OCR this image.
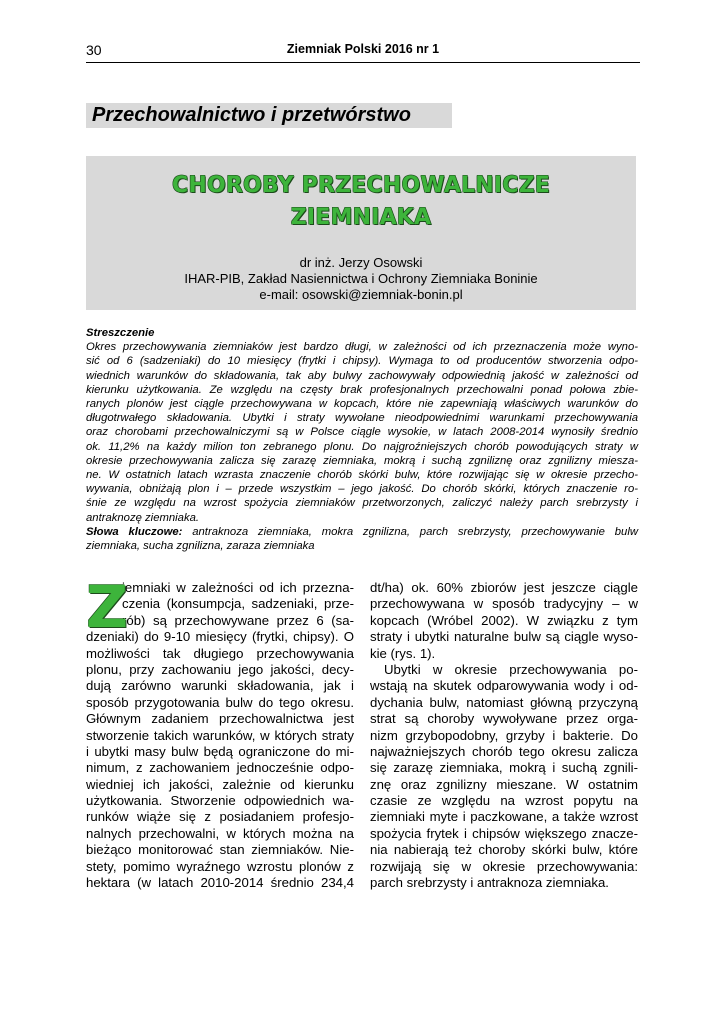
30	Ziemniak Polski 2016 nr 1
Przechowalnictwo i przetwórstwo
CHOROBY PRZECHOWALNICZE
ZIEMNIAKA
dr inż. Jerzy Osowski
IHAR-PIB, Zakład Nasiennictwa i Ochrony Ziemniaka Boninie
e-mail: osowski@ziemniak-bonin.pl
Streszczenie
Okres przechowywania ziemniaków jest bardzo długi, w zależności od ich przeznaczenia może wyno-
sić od 6 (sadzeniaki) do 10 miesięcy (frytki i chipsy). Wymaga to od producentów stworzenia odpo-
wiednich warunków do składowania, tak aby bulwy zachowywały odpowiednią jakość w zależności od
kierunku użytkowania. Ze względu na częsty brak profesjonalnych przechowalni ponad połowa zbie-
ranych plonów jest ciągle przechowywana w kopcach, które nie zapewniają właściwych warunków do
długotrwałego składowania. Ubytki i straty wywołane nieodpowiednimi warunkami przechowywania
oraz chorobami przechowalniczymi są w Polsce ciągle wysokie, w latach 2008-2014 wynosiły średnio
ok. 11,2% na każdy milion ton zebranego plonu. Do najgroźniejszych chorób powodujących straty w
okresie przechowywania zalicza się zarazę ziemniaka, mokrą i suchą zgniliznę oraz zgnilizny miesza-
ne. W ostatnich latach wzrasta znaczenie chorób skórki bulw, które rozwijając się w okresie przecho-
wywania, obniżają plon i – przede wszystkim – jego jakość. Do chorób skórki, których znaczenie ro-
śnie ze względu na wzrost spożycia ziemniaków przetworzonych, zaliczyć należy parch srebrzysty i
antraknozę ziemniaka.
Słowa kluczowe: antraknoza ziemniaka, mokra zgnilizna, parch srebrzysty, przechowywanie bulw
ziemniaka, sucha zgnilizna, zaraza ziemniaka
Z
iemniaki w zależności od ich przezna-
czenia (konsumpcja, sadzeniaki, prze-
rób) są przechowywane przez 6 (sa-
dzeniaki) do 9-10 miesięcy (frytki, chipsy). O
możliwości tak długiego przechowywania
plonu, przy zachowaniu jego jakości, decy-
dują zarówno warunki składowania, jak i
sposób przygotowania bulw do tego okresu.
Głównym zadaniem przechowalnictwa jest
stworzenie takich warunków, w których straty
i ubytki masy bulw będą ograniczone do mi-
nimum, z zachowaniem jednocześnie odpo-
wiedniej ich jakości, zależnie od kierunku
użytkowania. Stworzenie odpowiednich wa-
runków wiąże się z posiadaniem profesjo-
nalnych przechowalni, w których można na
bieżąco monitorować stan ziemniaków. Nie-
stety, pomimo wyraźnego wzrostu plonów z
hektara (w latach 2010-2014 średnio 234,4
dt/ha) ok. 60% zbiorów jest jeszcze ciągle
przechowywana w sposób tradycyjny – w
kopcach (Wróbel 2002). W związku z tym
straty i ubytki naturalne bulw są ciągle wyso-
kie (rys. 1).
Ubytki w okresie przechowywania po-
wstają na skutek odparowywania wody i od-
dychania bulw, natomiast główną przyczyną
strat są choroby wywoływane przez orga-
nizm grzybopodobny, grzyby i bakterie. Do
najważniejszych chorób tego okresu zalicza
się zarazę ziemniaka, mokrą i suchą zgnili-
znę oraz zgnilizny mieszane. W ostatnim
czasie ze względu na wzrost popytu na
ziemniaki myte i paczkowane, a także wzrost
spożycia frytek i chipsów większego znacze-
nia nabierają też choroby skórki bulw, które
rozwijają się w okresie przechowywania:
parch srebrzysty i antraknoza ziemniaka.
